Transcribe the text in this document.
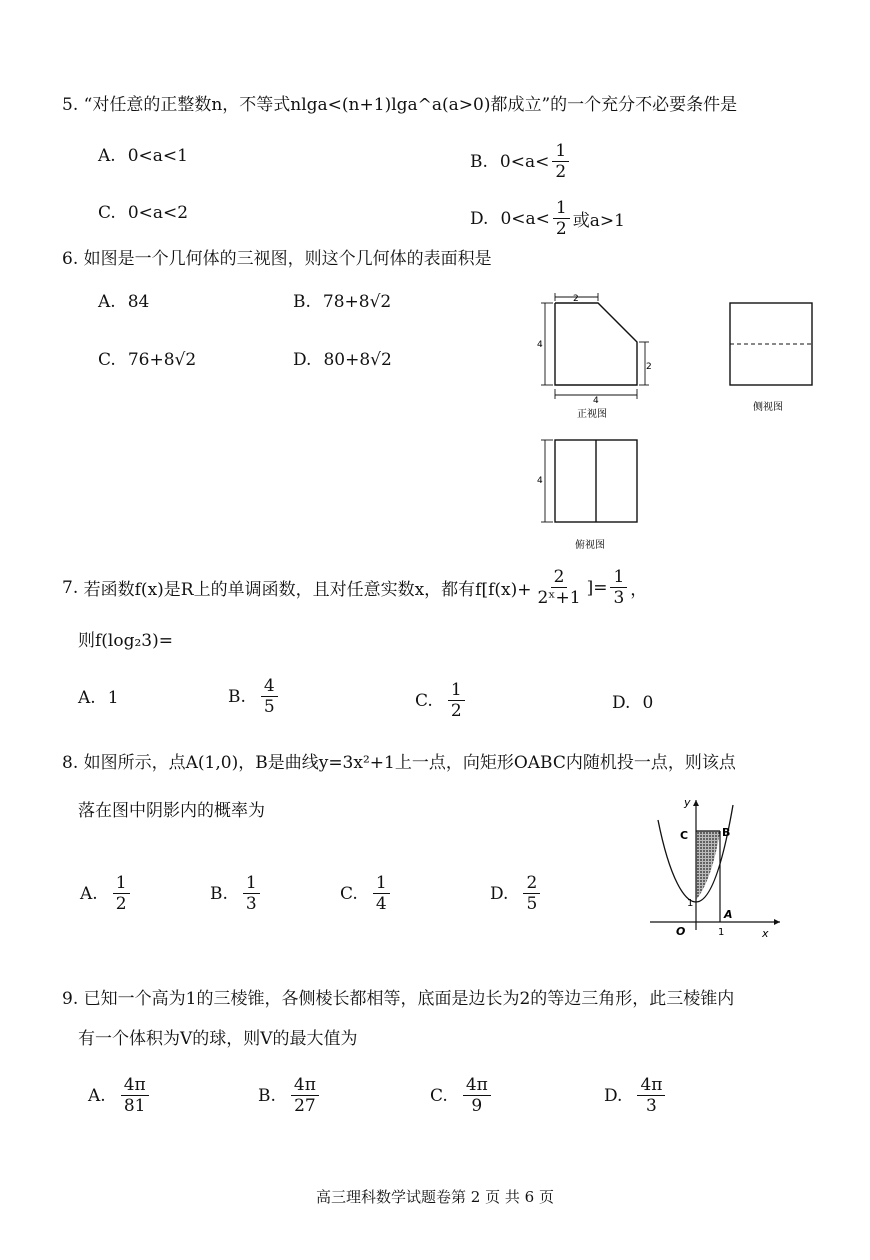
5. “对任意的正整数n，不等式nlga<(n+1)lga^a(a>0)都成立”的一个充分不必要条件是
A. 0<a<1	B. $0<a< \frac{1}{2}$
C. 0<a<2	D. $0<a< \frac{1}{2}$ 或a>1
6. 如图是一个几何体的三视图，则这个几何体的表面积是
A. 84	B. 78+8√2
C. 76+8√2	D. 80+8√2
2
4
2
4
正视图
侧视图
4
俯视图
7.
若函数f(x)是R上的单调函数，且对任意实数x，都有$f[f(x)+ \frac{2}{\text{2ˣ+1}}$ ]= $\frac{1}{3}$ ，
则f(log₂3)=
A. 1	B. $\frac{4}{5}$	C. $\frac{1}{2}$	D. 0
8. 如图所示，点A(1,0)，B是曲线y=3x²+1上一点，向矩形OABC内随机投一点，则该点
落在图中阴影内的概率为
A. $\frac{1}{2}$	B. $\frac{1}{3}$	C. $\frac{1}{4}$	D. $\frac{2}{5}$
y
x
C	B
O
A
1
1
9. 已知一个高为1的三棱锥，各侧棱长都相等，底面是边长为2的等边三角形，此三棱锥内
有一个体积为V的球，则V的最大值为
A. $\frac{4\pi}{81}$	B. $\frac{4\pi}{27}$	C. $\frac{4\pi}{9}$	D. $\frac{4\pi}{3}$
高三理科数学试题卷第 2 页 共 6 页
